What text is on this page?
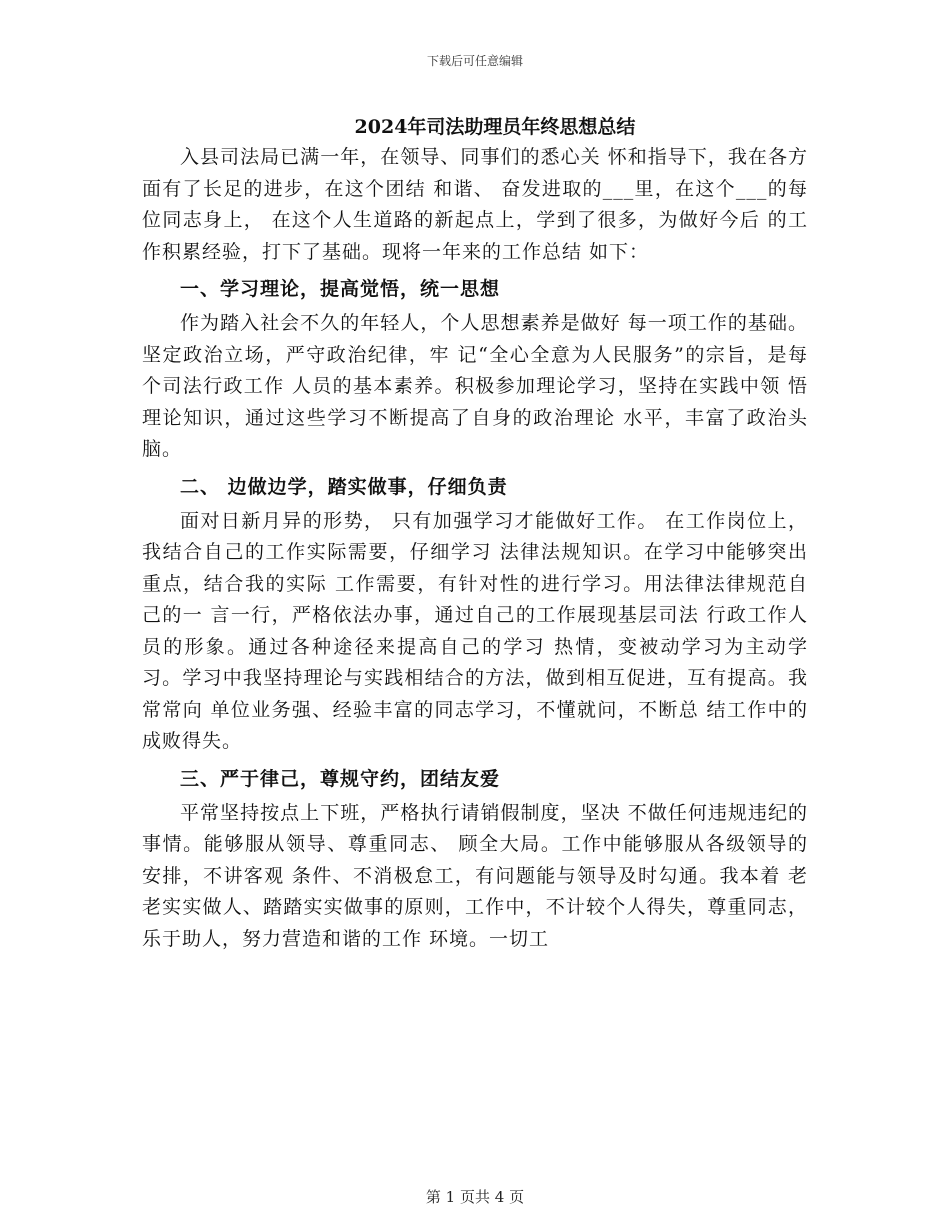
下载后可任意编辑
2024年司法助理员年终思想总结

入县司法局已满一年，在领导、同事们的悉心关 怀和指导下，我在各方面有了长足的进步，在这个团结 和谐、 奋发进取的___里，在这个___的每位同志身上， 在这个人生道路的新起点上，学到了很多，为做好今后 的工作积累经验，打下了基础。现将一年来的工作总结 如下：

一、学习理论，提高觉悟，统一思想

作为踏入社会不久的年轻人，个人思想素养是做好 每一项工作的基础。坚定政治立场，严守政治纪律，牢 记“全心全意为人民服务”的宗旨，是每个司法行政工作 人员的基本素养。积极参加理论学习，坚持在实践中领 悟理论知识，通过这些学习不断提高了自身的政治理论 水平，丰富了政治头脑。

二、 边做边学，踏实做事，仔细负责

面对日新月异的形势， 只有加强学习才能做好工作。 在工作岗位上，我结合自己的工作实际需要，仔细学习 法律法规知识。在学习中能够突出重点，结合我的实际 工作需要，有针对性的进行学习。用法律法律规范自己的一 言一行，严格依法办事，通过自己的工作展现基层司法 行政工作人员的形象。通过各种途径来提高自己的学习 热情，变被动学习为主动学习。学习中我坚持理论与实践相结合的方法，做到相互促进，互有提高。我常常向 单位业务强、经验丰富的同志学习，不懂就问，不断总 结工作中的成败得失。

三、严于律己，尊规守约，团结友爱

平常坚持按点上下班，严格执行请销假制度，坚决 不做任何违规违纪的事情。能够服从领导、尊重同志、 顾全大局。工作中能够服从各级领导的安排，不讲客观 条件、不消极怠工，有问题能与领导及时勾通。我本着 老老实实做人、踏踏实实做事的原则，工作中，不计较个人得失，尊重同志，乐于助人，努力营造和谐的工作 环境。一切工

第 1 页共 4 页
